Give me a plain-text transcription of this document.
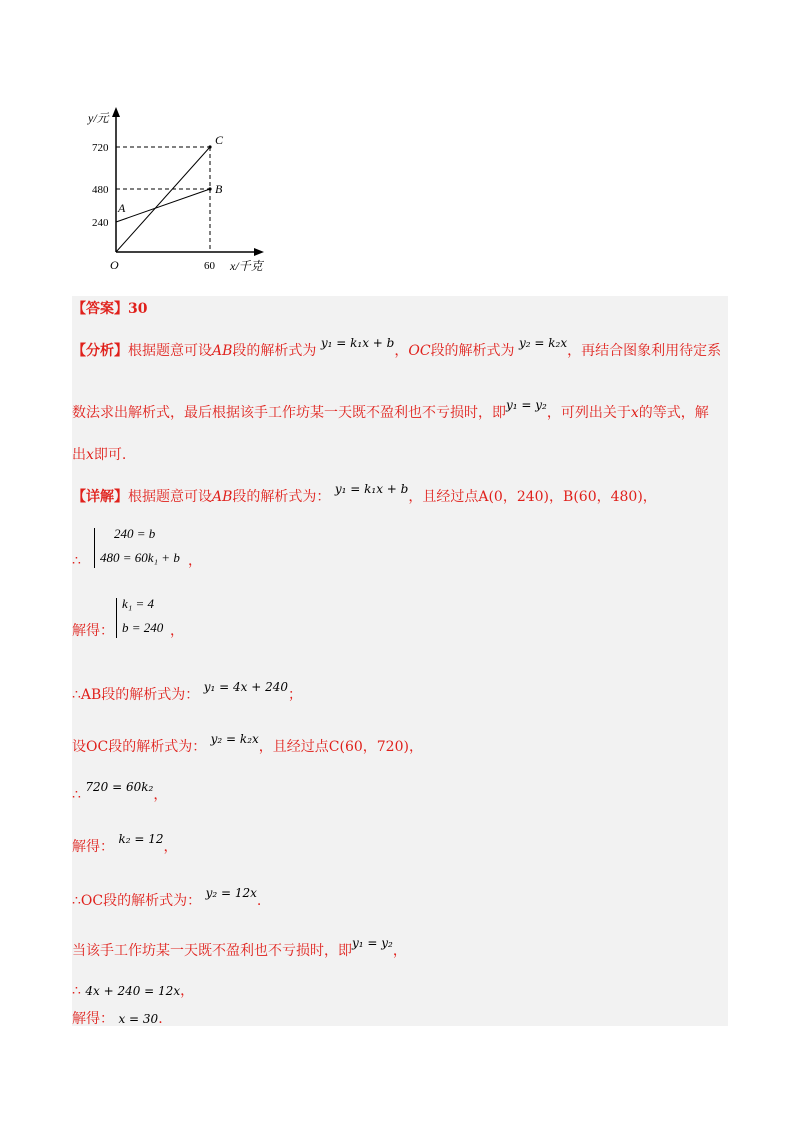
y/元
x/千克
O
720
480
240
60
A
B
C
【答案】30
【分析】根据题意可设AB段的解析式为 y₁ = k₁x + b，OC段的解析式为 y₂ = k₂x，再结合图象利用待定系
数法求出解析式，最后根据该手工作坊某一天既不盈利也不亏损时，即y₁ = y₂，可列出关于x的等式，解
出x即可.
【详解】根据题意可设AB段的解析式为： y₁ = k₁x + b，且经过点A(0，240)，B(60，480)，
∴
240 = b
480 = 60k₁ + b ，
解得：
k₁ = 4
b = 240 ，
∴AB段的解析式为： y₁ = 4x + 240；
设OC段的解析式为： y₂ = k₂x，且经过点C(60，720)，
∴ 720 = 60k₂，
解得： k₂ = 12，
∴OC段的解析式为： y₂ = 12x.
当该手工作坊某一天既不盈利也不亏损时，即y₁ = y₂，
∴ 4x + 240 = 12x，
解得： x = 30.
